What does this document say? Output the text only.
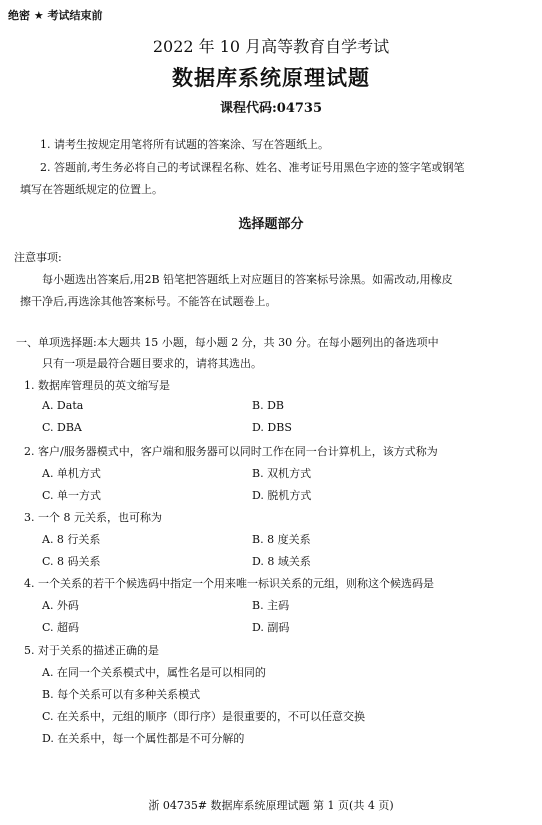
绝密 ★ 考试结束前
2022 年 10 月高等教育自学考试
数据库系统原理试题
课程代码:04735
1. 请考生按规定用笔将所有试题的答案涂、写在答题纸上。
2. 答题前,考生务必将自己的考试课程名称、姓名、准考证号用黑色字迹的签字笔或钢笔
填写在答题纸规定的位置上。
选择题部分
注意事项:
每小题选出答案后,用2B 铅笔把答题纸上对应题目的答案标号涂黑。如需改动,用橡皮
擦干净后,再选涂其他答案标号。不能答在试题卷上。
一、单项选择题:本大题共 15 小题，每小题 2 分，共 30 分。在每小题列出的备选项中
只有一项是最符合题目要求的，请将其选出。
1. 数据库管理员的英文缩写是
A. Data	B. DB
C. DBA	D. DBS
2. 客户/服务器模式中，客户端和服务器可以同时工作在同一台计算机上，该方式称为
A. 单机方式	B. 双机方式
C. 单一方式	D. 脱机方式
3. 一个 8 元关系，也可称为
A. 8 行关系	B. 8 度关系
C. 8 码关系	D. 8 域关系
4. 一个关系的若干个候选码中指定一个用来唯一标识关系的元组，则称这个候选码是
A. 外码	B. 主码
C. 超码	D. 副码
5. 对于关系的描述正确的是
A. 在同一个关系模式中，属性名是可以相同的
B. 每个关系可以有多种关系模式
C. 在关系中，元组的顺序（即行序）是很重要的，不可以任意交换
D. 在关系中，每一个属性都是不可分解的
浙 04735# 数据库系统原理试题 第 1 页(共 4 页)
